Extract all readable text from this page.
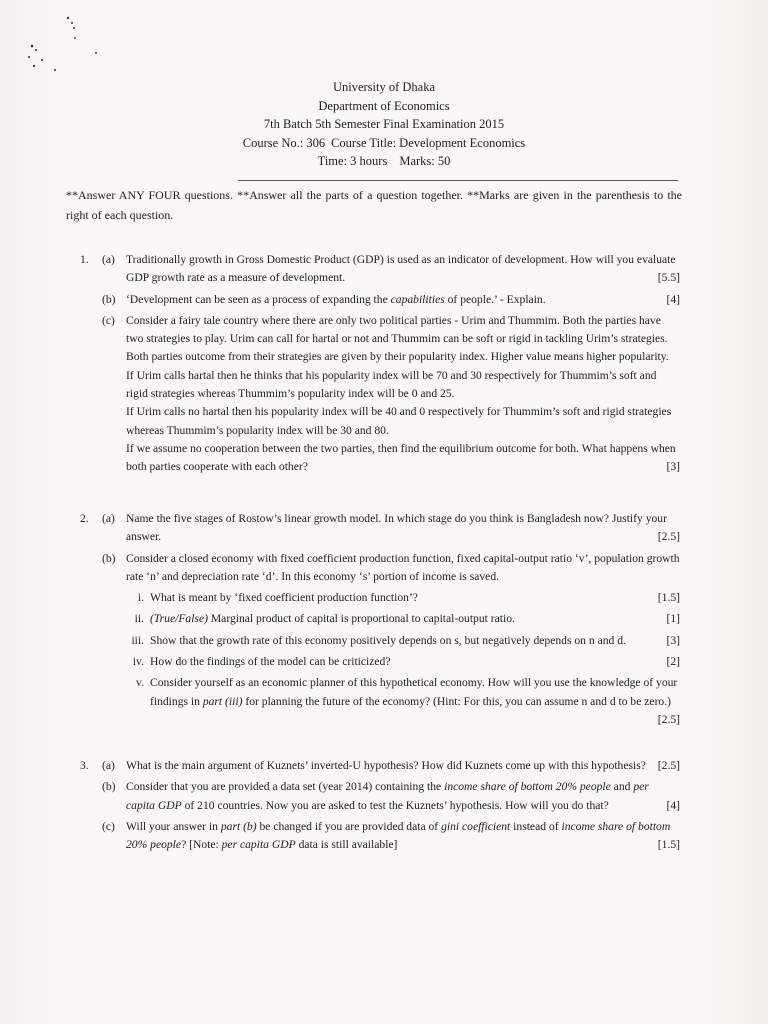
University of Dhaka
Department of Economics
7th Batch 5th Semester Final Examination 2015
Course No.: 306 Course Title: Development Economics
Time: 3 hours Marks: 50
**Answer ANY FOUR questions. **Answer all the parts of a question together. **Marks are given in the parenthesis to the right of each question.
1.	(a) Traditionally growth in Gross Domestic Product (GDP) is used as an indicator of development. How will you evaluate GDP growth rate as a measure of development.	[5.5]
(b) ‘Development can be seen as a process of expanding the capabilities of people.’ - Explain.	[4]
(c) Consider a fairy tale country where there are only two political parties - Urim and Thummim. Both the parties have two strategies to play. Urim can call for hartal or not and Thummim can be soft or rigid in tackling Urim’s strategies. Both parties outcome from their strategies are given by their popularity index. Higher value means higher popularity.
If Urim calls hartal then he thinks that his popularity index will be 70 and 30 respectively for Thummim’s soft and rigid strategies whereas Thummim’s popularity index will be 0 and 25.
If Urim calls no hartal then his popularity index will be 40 and 0 respectively for Thummim’s soft and rigid strategies whereas Thummim’s popularity index will be 30 and 80.
If we assume no cooperation between the two parties, then find the equilibrium outcome for both. What happens when both parties cooperate with each other?	[3]
2.	(a) Name the five stages of Rostow’s linear growth model. In which stage do you think is Bangladesh now? Justify your answer.	[2.5]
(b) Consider a closed economy with fixed coefficient production function, fixed capital-output ratio ‘v’, population growth rate ‘n’ and depreciation rate ‘d’. In this economy ‘s’ portion of income is saved.
i. What is meant by ‘fixed coefficient production function’?	[1.5]
ii. (True/False) Marginal product of capital is proportional to capital-output ratio.	[1]
iii. Show that the growth rate of this economy positively depends on s, but negatively depends on n and d.	[3]
iv. How do the findings of the model can be criticized?	[2]
v. Consider yourself as an economic planner of this hypothetical economy. How will you use the knowledge of your findings in part (iii) for planning the future of the economy? (Hint: For this, you can assume n and d to be zero.)
[2.5]
3.	(a) What is the main argument of Kuznets’ inverted-U hypothesis? How did Kuznets come up with this hypothesis? [2.5]
(b) Consider that you are provided a data set (year 2014) containing the income share of bottom 20% people and per capita GDP of 210 countries. Now you are asked to test the Kuznets’ hypothesis. How will you do that?	[4]
(c) Will your answer in part (b) be changed if you are provided data of gini coefficient instead of income share of bottom 20% people? [Note: per capita GDP data is still available]	[1.5]
